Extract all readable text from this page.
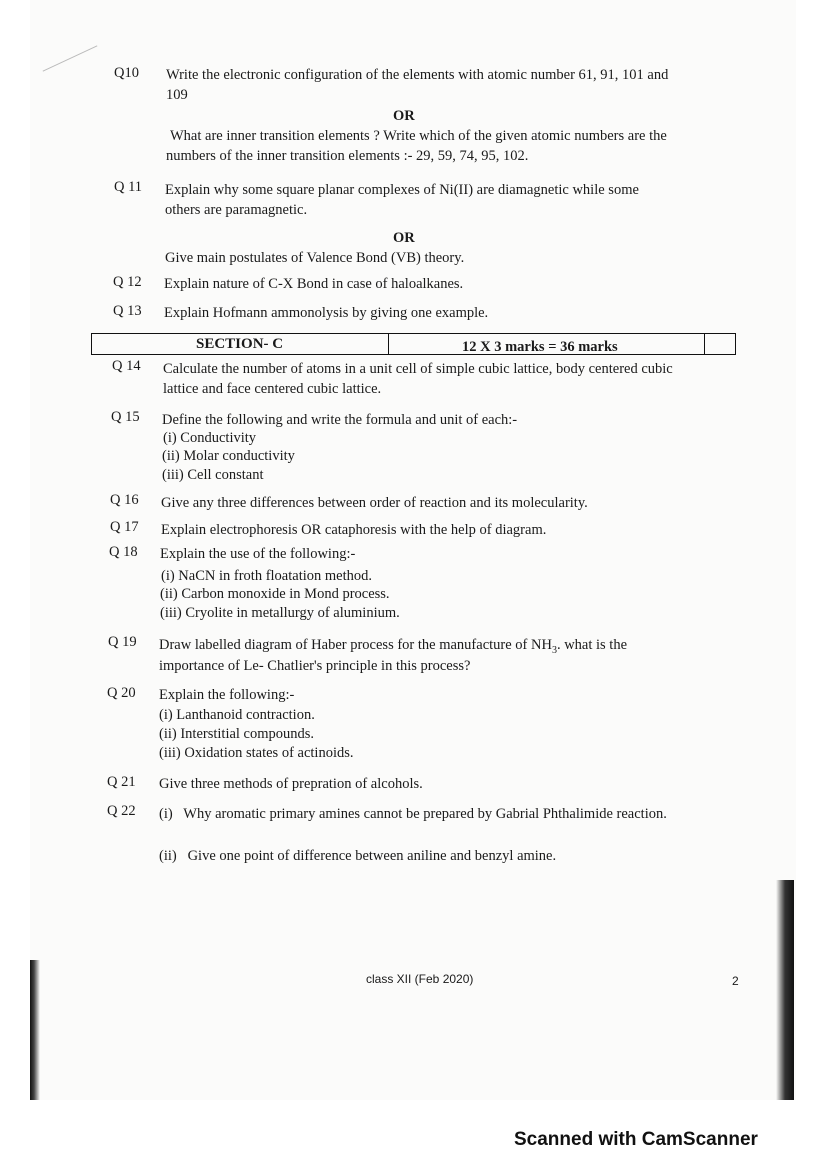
Q10 Write the electronic configuration of the elements with atomic number 61, 91, 101 and
109
OR
What are inner transition elements ? Write which of the given atomic numbers are the
numbers of the inner transition elements :- 29, 59, 74, 95, 102.
Q 11 Explain why some square planar complexes of Ni(II) are diamagnetic while some
others are paramagnetic.
OR
Give main postulates of Valence Bond (VB) theory.
Q 12 Explain nature of C-X Bond in case of haloalkanes.
Q 13 Explain Hofmann ammonolysis by giving one example.
SECTION- C	12 X 3 marks = 36 marks
Q 14 Calculate the number of atoms in a unit cell of simple cubic lattice, body centered cubic
lattice and face centered cubic lattice.
Q 15 Define the following and write the formula and unit of each:-
(i) Conductivity
(ii) Molar conductivity
(iii) Cell constant
Q 16 Give any three differences between order of reaction and its molecularity.
Q 17 Explain electrophoresis OR cataphoresis with the help of diagram.
Q 18 Explain the use of the following:-
(i) NaCN in froth floatation method.
(ii) Carbon monoxide in Mond process.
(iii) Cryolite in metallurgy of aluminium.
Q 19 Draw labelled diagram of Haber process for the manufacture of $NH_3$. what is the
importance of Le- Chatlier's principle in this process?
Q 20 Explain the following:-
(i) Lanthanoid contraction.
(ii) Interstitial compounds.
(iii) Oxidation states of actinoids.
Q 21 Give three methods of prepration of alcohols.
Q 22 (i)   Why aromatic primary amines cannot be prepared by Gabrial Phthalimide reaction.
(ii)   Give one point of difference between aniline and benzyl amine.
class XII (Feb 2020)	2
Scanned with CamScanner
